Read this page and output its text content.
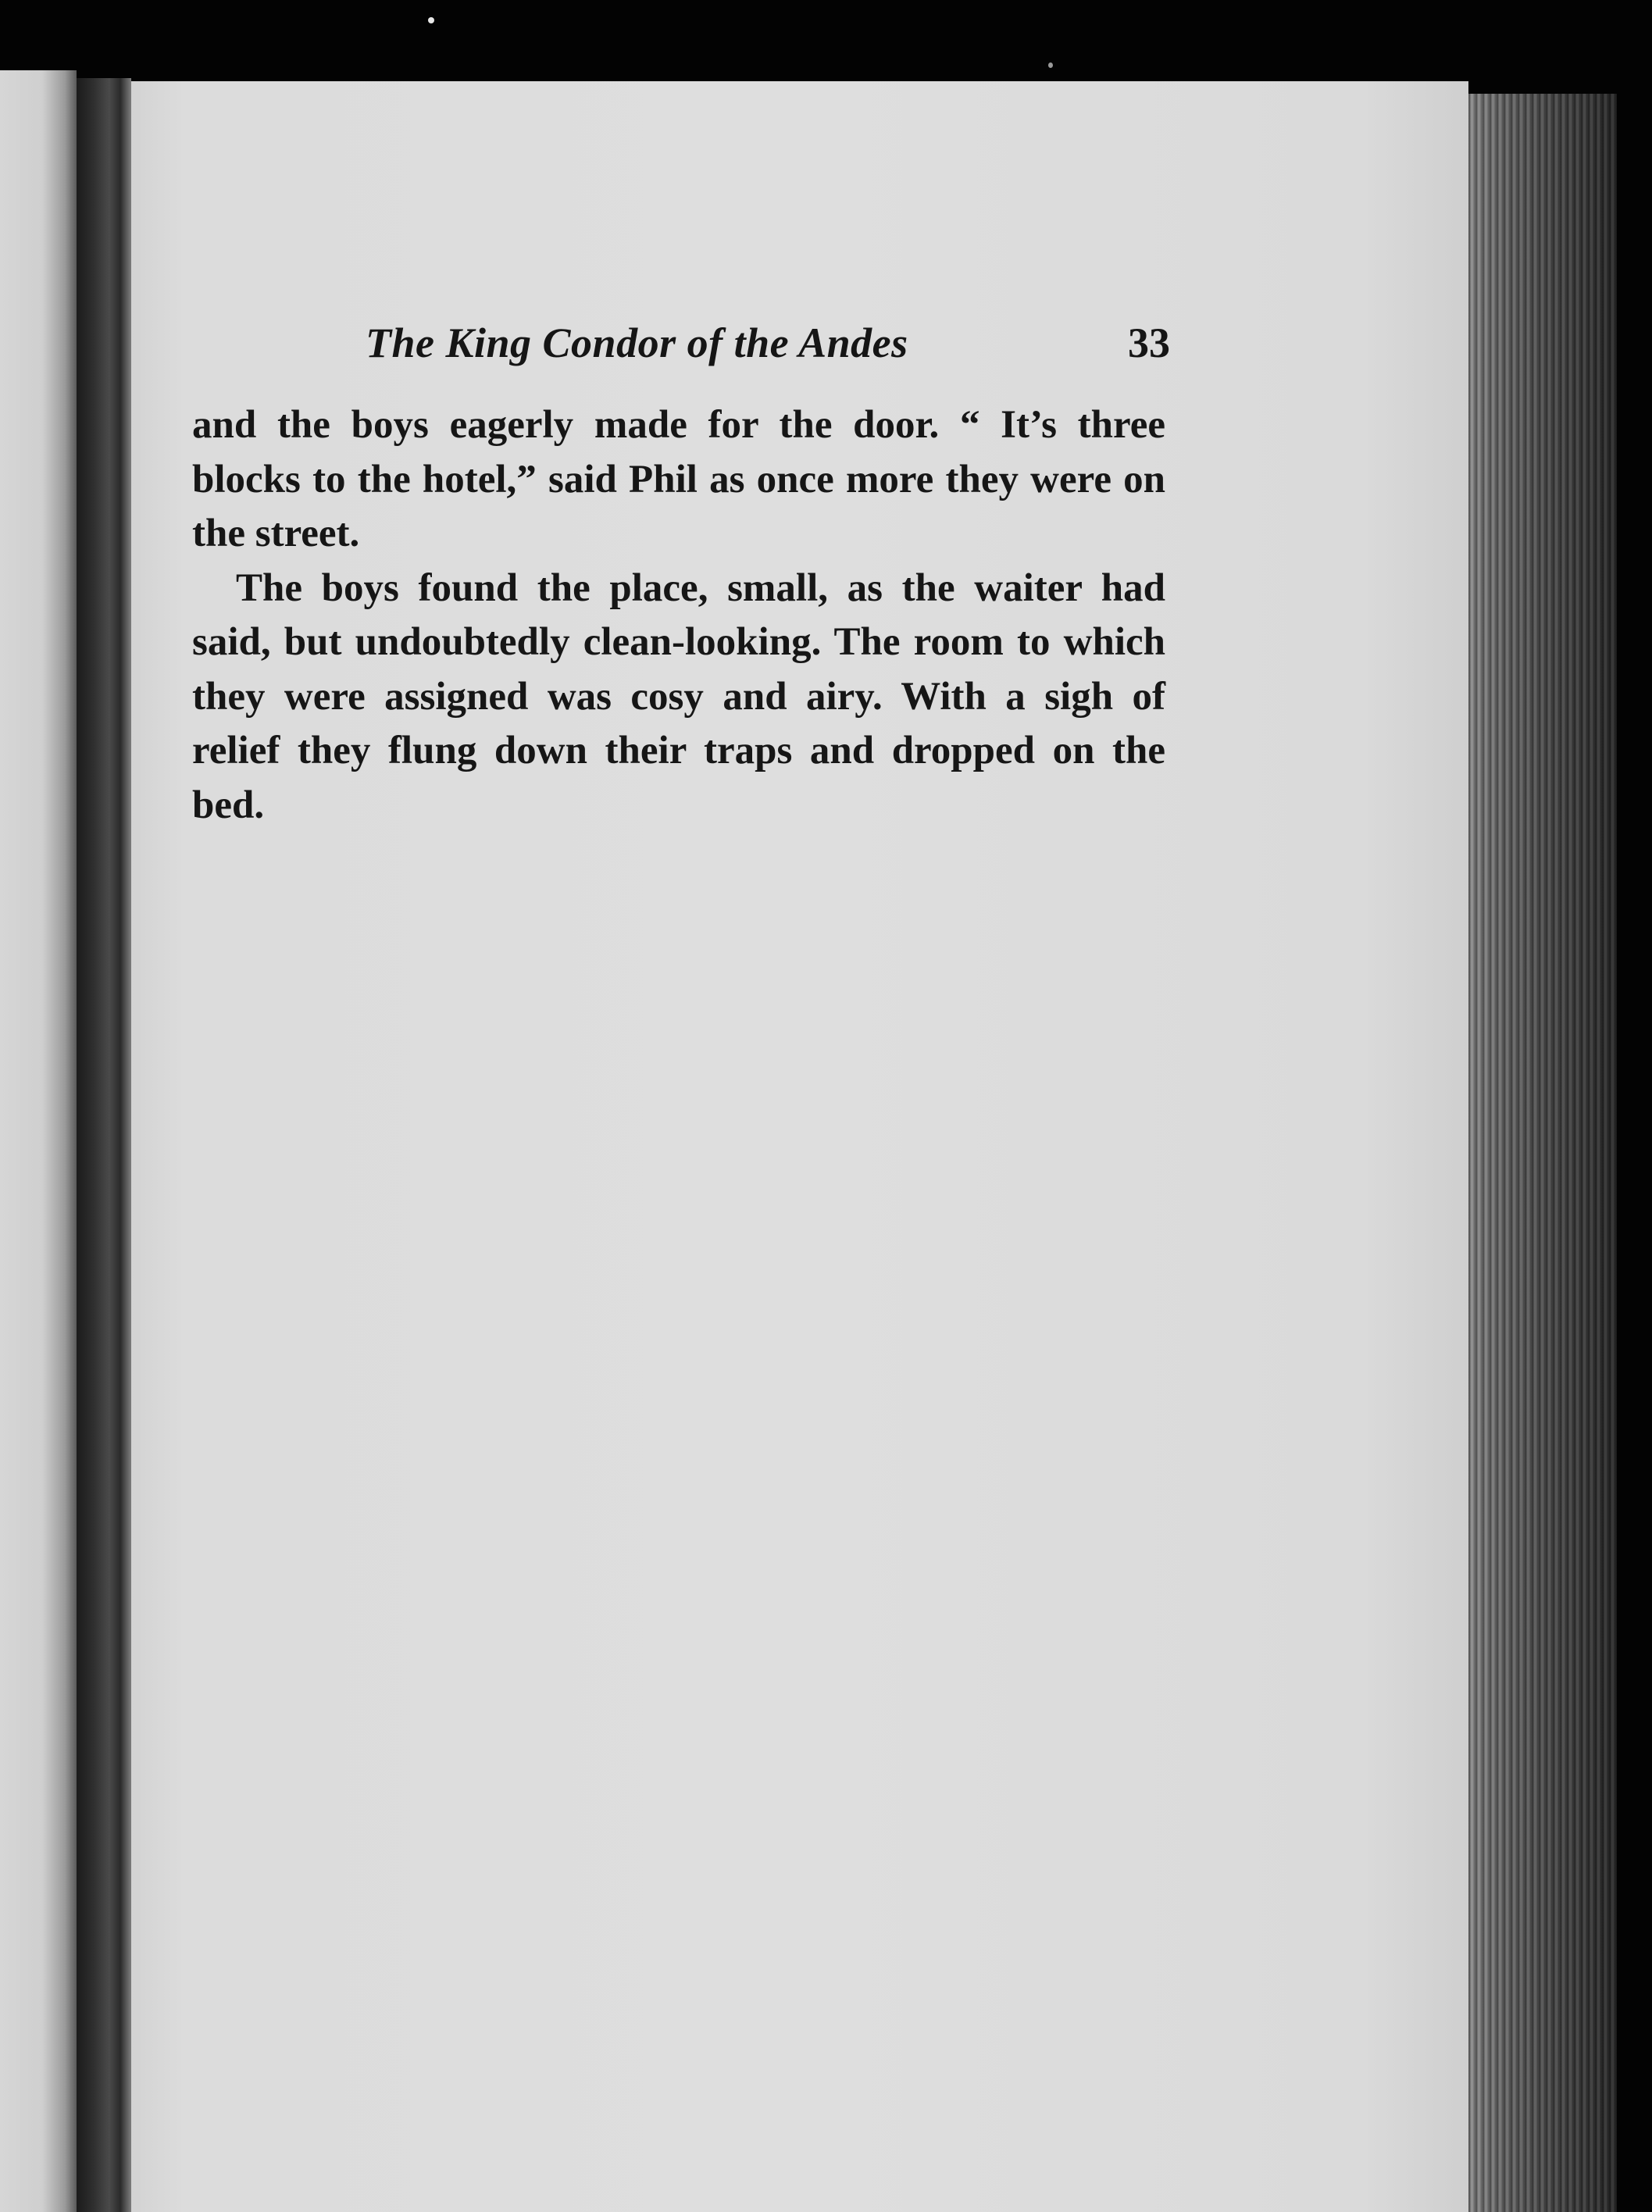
The King Condor of the Andes	33

and the boys eagerly made for the door. “ It’s three blocks to the hotel,” said Phil as once more they were on the street.

The boys found the place, small, as the waiter had said, but undoubtedly clean-looking. The room to which they were assigned was cosy and airy. With a sigh of relief they flung down their traps and dropped on the bed.
